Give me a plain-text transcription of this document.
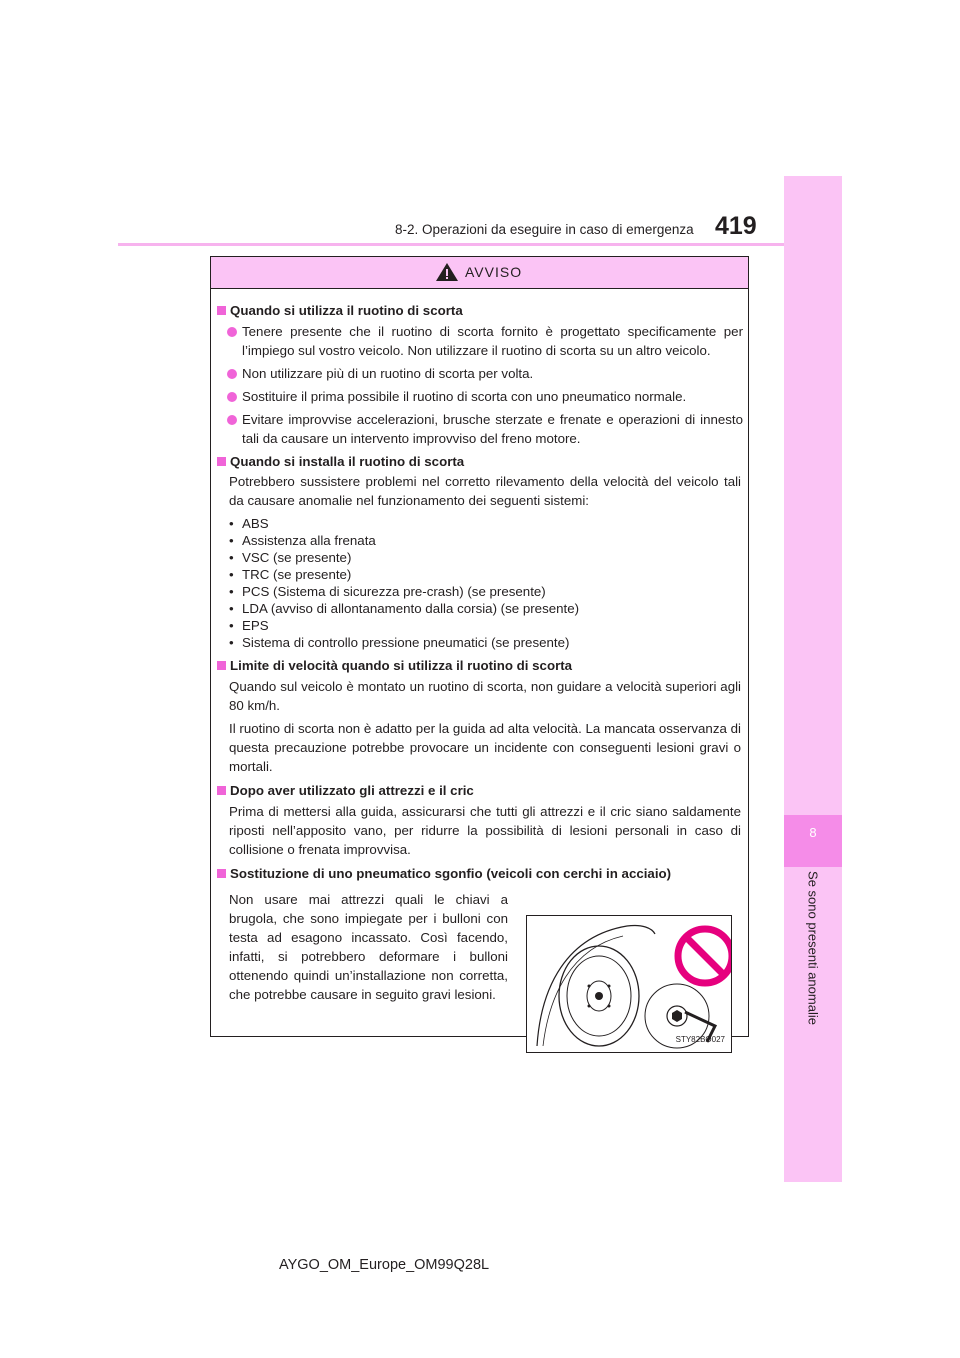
8
Se sono presenti anomalie
8-2. Operazioni da eseguire in caso di emergenza 419
AVVISO
Quando si utilizza il ruotino di scorta
Tenere presente che il ruotino di scorta fornito è progettato specificamente per l’impiego sul vostro veicolo. Non utilizzare il ruotino di scorta su un altro veicolo.
Non utilizzare più di un ruotino di scorta per volta.
Sostituire il prima possibile il ruotino di scorta con uno pneumatico normale.
Evitare improvvise accelerazioni, brusche sterzate e frenate e operazioni di innesto tali da causare un intervento improvviso del freno motore.
Quando si installa il ruotino di scorta
Potrebbero sussistere problemi nel corretto rilevamento della velocità del veicolo tali da causare anomalie nel funzionamento dei seguenti sistemi:
• ABS
• Assistenza alla frenata
• VSC (se presente)
• TRC (se presente)
• PCS (Sistema di sicurezza pre-crash) (se presente)
• LDA (avviso di allontanamento dalla corsia) (se presente)
• EPS
• Sistema di controllo pressione pneumatici (se presente)
Limite di velocità quando si utilizza il ruotino di scorta
Quando sul veicolo è montato un ruotino di scorta, non guidare a velocità superiori agli 80 km/h.
Il ruotino di scorta non è adatto per la guida ad alta velocità. La mancata osservanza di questa precauzione potrebbe provocare un incidente con conseguenti lesioni gravi o mortali.
Dopo aver utilizzato gli attrezzi e il cric
Prima di mettersi alla guida, assicurarsi che tutti gli attrezzi e il cric siano saldamente riposti nell’apposito vano, per ridurre la possibilità di lesioni personali in caso di collisione o frenata improvvisa.
Sostituzione di uno pneumatico sgonfio (veicoli con cerchi in acciaio)
Non usare mai attrezzi quali le chiavi a brugola, che sono impiegate per i bulloni con testa ad esagono incassato. Così facendo, infatti, si potrebbero deformare i bulloni ottenendo quindi un’installazione non corretta, che potrebbe causare in seguito gravi lesioni.
STY82BO027
AYGO_OM_Europe_OM99Q28L
